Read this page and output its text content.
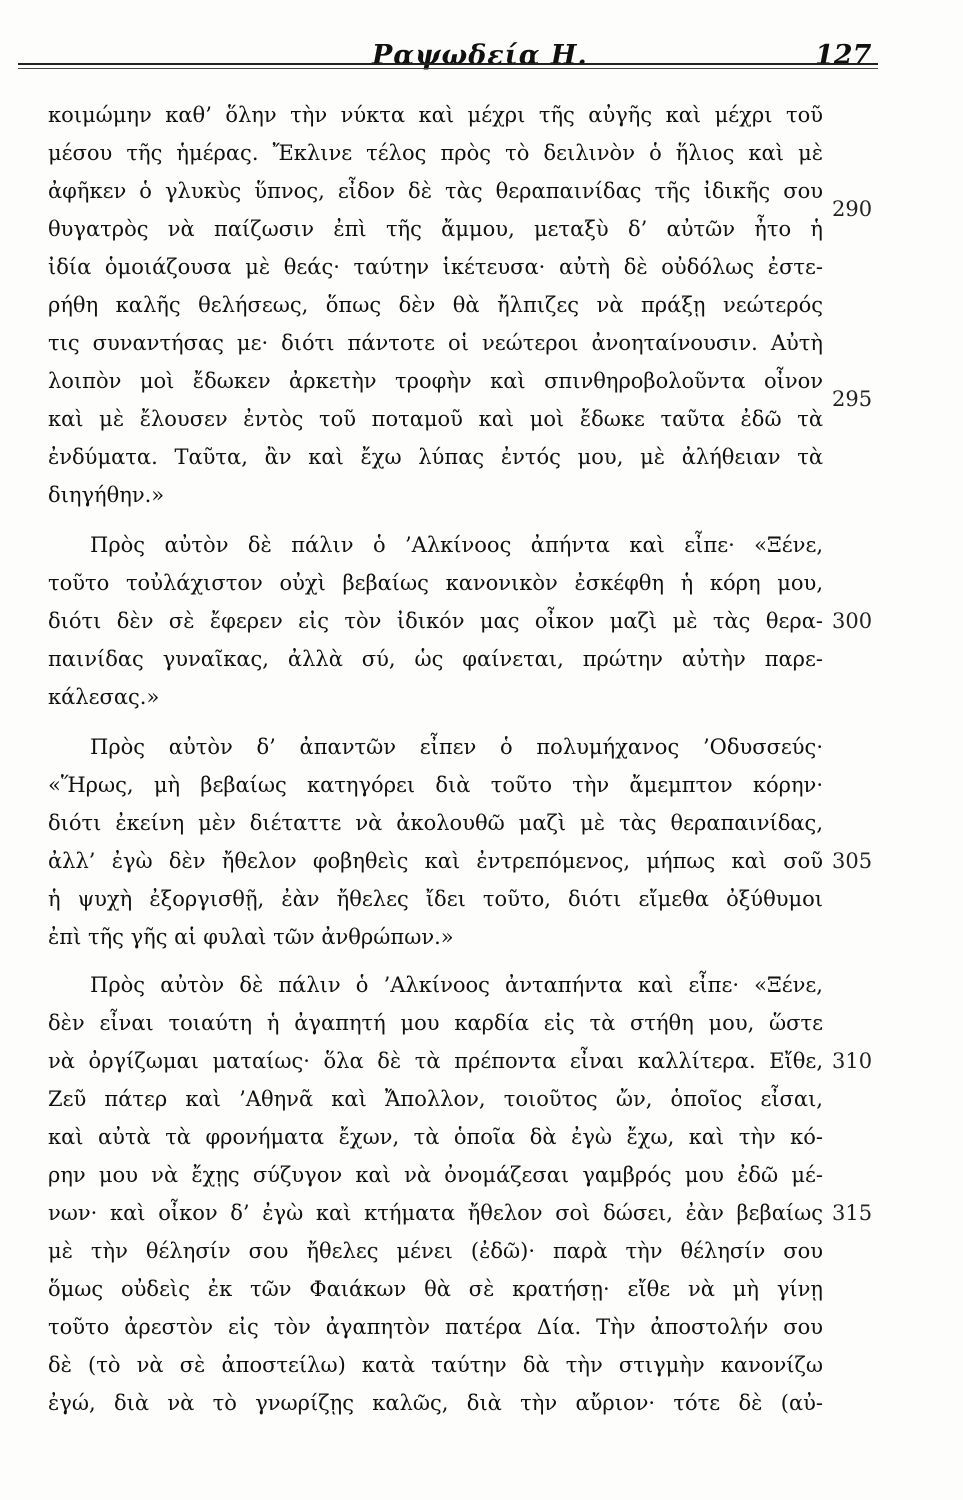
Ραψωδεία Η.	127
κοιμώμην καθ’ ὅλην τὴν νύκτα καὶ μέχρι τῆς αὐγῆς καὶ μέχρι τοῦ
μέσου τῆς ἡμέρας. Ἔκλινε τέλος πρὸς τὸ δειλινὸν ὁ ἥλιος καὶ μὲ
ἀφῆκεν ὁ γλυκὺς ὕπνος, εἶδον δὲ τὰς θεραπαινίδας τῆς ἰδικῆς σου
θυγατρὸς νὰ παίζωσιν ἐπὶ τῆς ἄμμου, μεταξὺ δ’ αὐτῶν ἦτο ἡ
ἰδία ὁμοιάζουσα μὲ θεάς· ταύτην ἱκέτευσα· αὐτὴ δὲ οὐδόλως ἐστε-
ρήθη καλῆς θελήσεως, ὅπως δὲν θὰ ἤλπιζες νὰ πράξῃ νεώτερός
τις συναντήσας με· διότι πάντοτε οἱ νεώτεροι ἀνοηταίνουσιν. Αὐτὴ
λοιπὸν μοὶ ἔδωκεν ἀρκετὴν τροφὴν καὶ σπινθηροβολοῦντα οἶνον
καὶ μὲ ἔλουσεν ἐντὸς τοῦ ποταμοῦ καὶ μοὶ ἔδωκε ταῦτα ἐδῶ τὰ
ἐνδύματα. Ταῦτα, ἂν καὶ ἔχω λύπας ἐντός μου, μὲ ἀλήθειαν τὰ
διηγήθην.»
Πρὸς αὐτὸν δὲ πάλιν ὁ ’Αλκίνοος ἀπήντα καὶ εἶπε· «Ξένε,
τοῦτο τοὐλάχιστον οὐχὶ βεβαίως κανονικὸν ἐσκέφθη ἡ κόρη μου,
διότι δὲν σὲ ἔφερεν εἰς τὸν ἰδικόν μας οἶκον μαζὶ μὲ τὰς θερα-
παινίδας γυναῖκας, ἀλλὰ σύ, ὡς φαίνεται, πρώτην αὐτὴν παρε-
κάλεσας.»
Πρὸς αὐτὸν δ’ ἀπαντῶν εἶπεν ὁ πολυμήχανος ’Οδυσσεύς·
«Ἥρως, μὴ βεβαίως κατηγόρει διὰ τοῦτο τὴν ἄμεμπτον κόρην·
διότι ἐκείνη μὲν διέταττε νὰ ἀκολουθῶ μαζὶ μὲ τὰς θεραπαινίδας,
ἀλλ’ ἐγὼ δὲν ἤθελον φοβηθεὶς καὶ ἐντρεπόμενος, μήπως καὶ σοῦ
ἡ ψυχὴ ἐξοργισθῇ, ἐὰν ἤθελες ἴδει τοῦτο, διότι εἴμεθα ὀξύθυμοι
ἐπὶ τῆς γῆς αἱ φυλαὶ τῶν ἀνθρώπων.»
Πρὸς αὐτὸν δὲ πάλιν ὁ ’Αλκίνοος ἀνταπήντα καὶ εἶπε· «Ξένε,
δὲν εἶναι τοιαύτη ἡ ἀγαπητή μου καρδία εἰς τὰ στήθη μου, ὥστε
νὰ ὀργίζωμαι ματαίως· ὅλα δὲ τὰ πρέποντα εἶναι καλλίτερα. Εἴθε,
Ζεῦ πάτερ καὶ ’Αθηνᾶ καὶ Ἄπολλον, τοιοῦτος ὤν, ὁποῖος εἶσαι,
καὶ αὐτὰ τὰ φρονήματα ἔχων, τὰ ὁποῖα δὰ ἐγὼ ἔχω, καὶ τὴν κό-
ρην μου νὰ ἔχῃς σύζυγον καὶ νὰ ὀνομάζεσαι γαμβρός μου ἐδῶ μέ-
νων· καὶ οἶκον δ’ ἐγὼ καὶ κτήματα ἤθελον σοὶ δώσει, ἐὰν βεβαίως
μὲ τὴν θέλησίν σου ἤθελες μένει (ἐδῶ)· παρὰ τὴν θέλησίν σου
ὅμως οὐδεὶς ἐκ τῶν Φαιάκων θὰ σὲ κρατήσῃ· εἴθε νὰ μὴ γίνῃ
τοῦτο ἀρεστὸν εἰς τὸν ἀγαπητὸν πατέρα Δία. Τὴν ἀποστολήν σου
δὲ (τὸ νὰ σὲ ἀποστείλω) κατὰ ταύτην δὰ τὴν στιγμὴν κανονίζω
ἐγώ, διὰ νὰ τὸ γνωρίζῃς καλῶς, διὰ τὴν αὔριον· τότε δὲ (αὐ-
290
295
300
305
310
315
